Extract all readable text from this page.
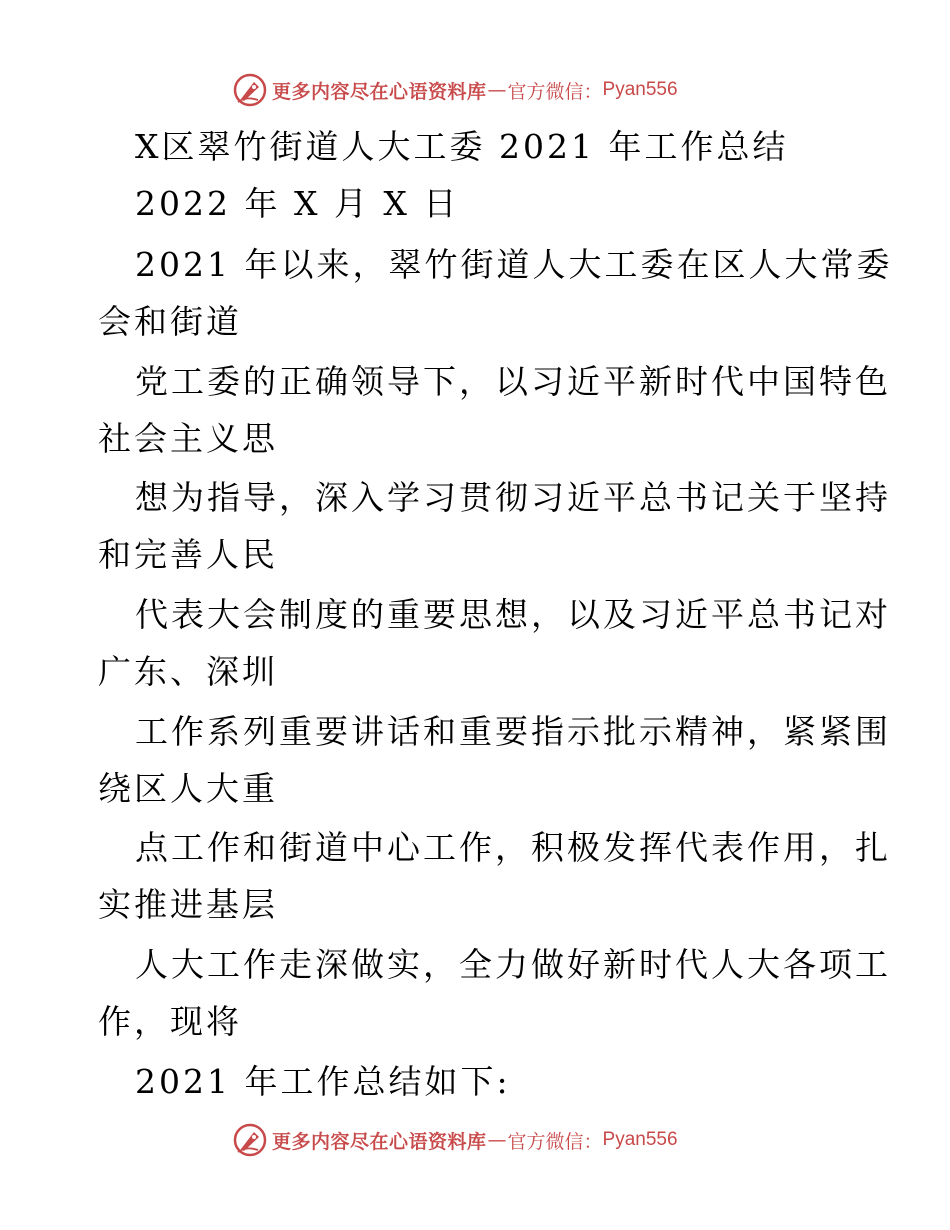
更多内容尽在心语资料库 — 官方微信： Pyan556
X区翠竹街道人大工委 2021 年工作总结
2022 年 X 月 X 日
2021 年以来，翠竹街道人大工委在区人大常委
会和街道
党工委的正确领导下，以习近平新时代中国特色
社会主义思
想为指导，深入学习贯彻习近平总书记关于坚持
和完善人民
代表大会制度的重要思想，以及习近平总书记对
广东、深圳
工作系列重要讲话和重要指示批示精神，紧紧围
绕区人大重
点工作和街道中心工作，积极发挥代表作用，扎
实推进基层
人大工作走深做实，全力做好新时代人大各项工
作，现将
2021 年工作总结如下:
更多内容尽在心语资料库 — 官方微信： Pyan556
